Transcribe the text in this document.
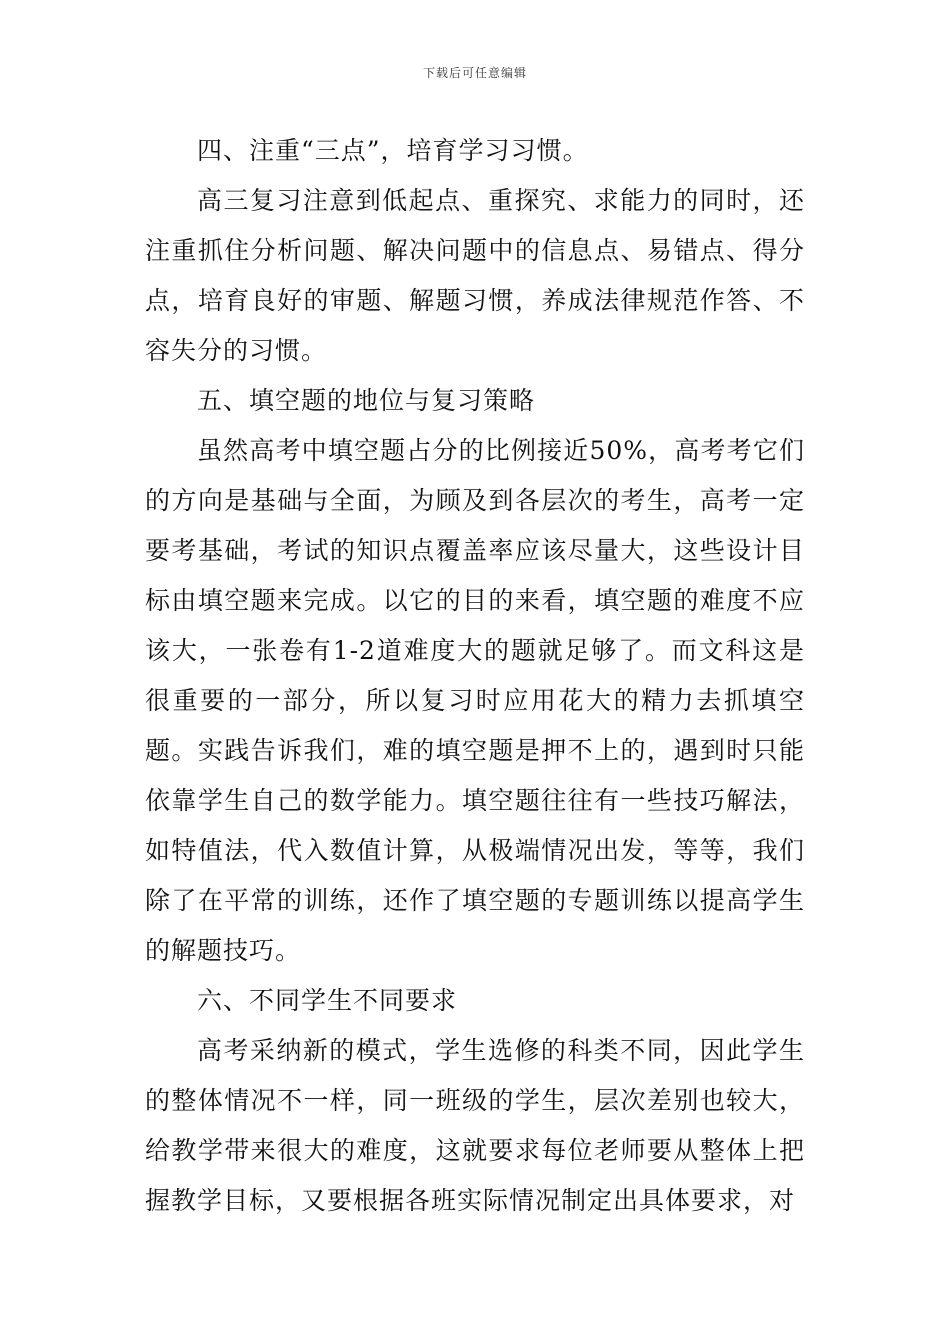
下载后可任意编辑

四、注重“三点”，培育学习习惯。

高三复习注意到低起点、重探究、求能力的同时，还注重抓住分析问题、解决问题中的信息点、易错点、得分点，培育良好的审题、解题习惯，养成法律规范作答、不容失分的习惯。

五、填空题的地位与复习策略

虽然高考中填空题占分的比例接近50%，高考考它们的方向是基础与全面，为顾及到各层次的考生，高考一定要考基础，考试的知识点覆盖率应该尽量大，这些设计目标由填空题来完成。以它的目的来看，填空题的难度不应该大，一张卷有1-2道难度大的题就足够了。而文科这是很重要的一部分，所以复习时应用花大的精力去抓填空题。实践告诉我们，难的填空题是押不上的，遇到时只能依靠学生自己的数学能力。填空题往往有一些技巧解法，如特值法，代入数值计算，从极端情况出发，等等，我们除了在平常的训练，还作了填空题的专题训练以提高学生的解题技巧。

六、不同学生不同要求

高考采纳新的模式，学生选修的科类不同，因此学生的整体情况不一样，同一班级的学生，层次差别也较大，给教学带来很大的难度，这就要求每位老师要从整体上把握教学目标，又要根据各班实际情况制定出具体要求，对
